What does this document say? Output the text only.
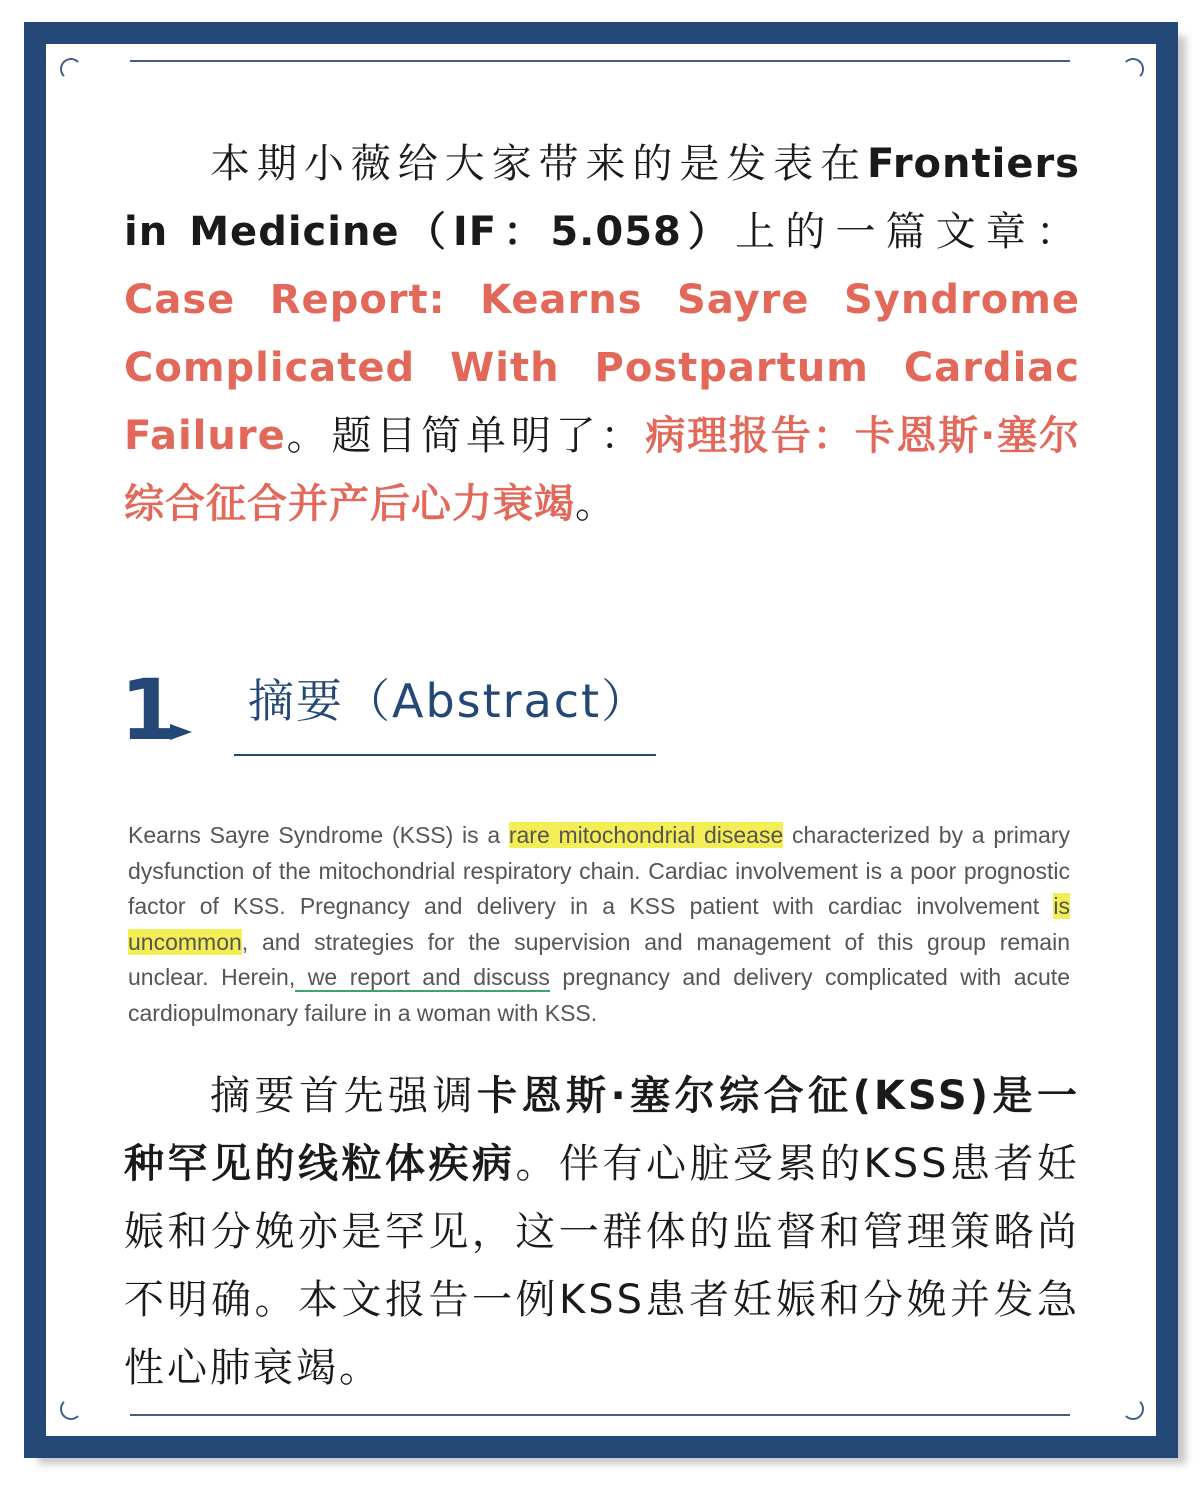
本期小薇给大家带来的是发表在Frontiers in Medicine（IF：5.058）上的一篇文章：Case Report: Kearns Sayre Syndrome Complicated With Postpartum Cardiac Failure。题目简单明了：病理报告：卡恩斯·塞尔综合征合并产后心力衰竭。

1 摘要（Abstract）

Kearns Sayre Syndrome (KSS) is a rare mitochondrial disease characterized by a primary dysfunction of the mitochondrial respiratory chain. Cardiac involvement is a poor prognostic factor of KSS. Pregnancy and delivery in a KSS patient with cardiac involvement is uncommon, and strategies for the supervision and management of this group remain unclear. Herein, we report and discuss pregnancy and delivery complicated with acute cardiopulmonary failure in a woman with KSS.

摘要首先强调卡恩斯·塞尔综合征(KSS)是一种罕见的线粒体疾病。伴有心脏受累的KSS患者妊娠和分娩亦是罕见，这一群体的监督和管理策略尚不明确。本文报告一例KSS患者妊娠和分娩并发急性心肺衰竭。
